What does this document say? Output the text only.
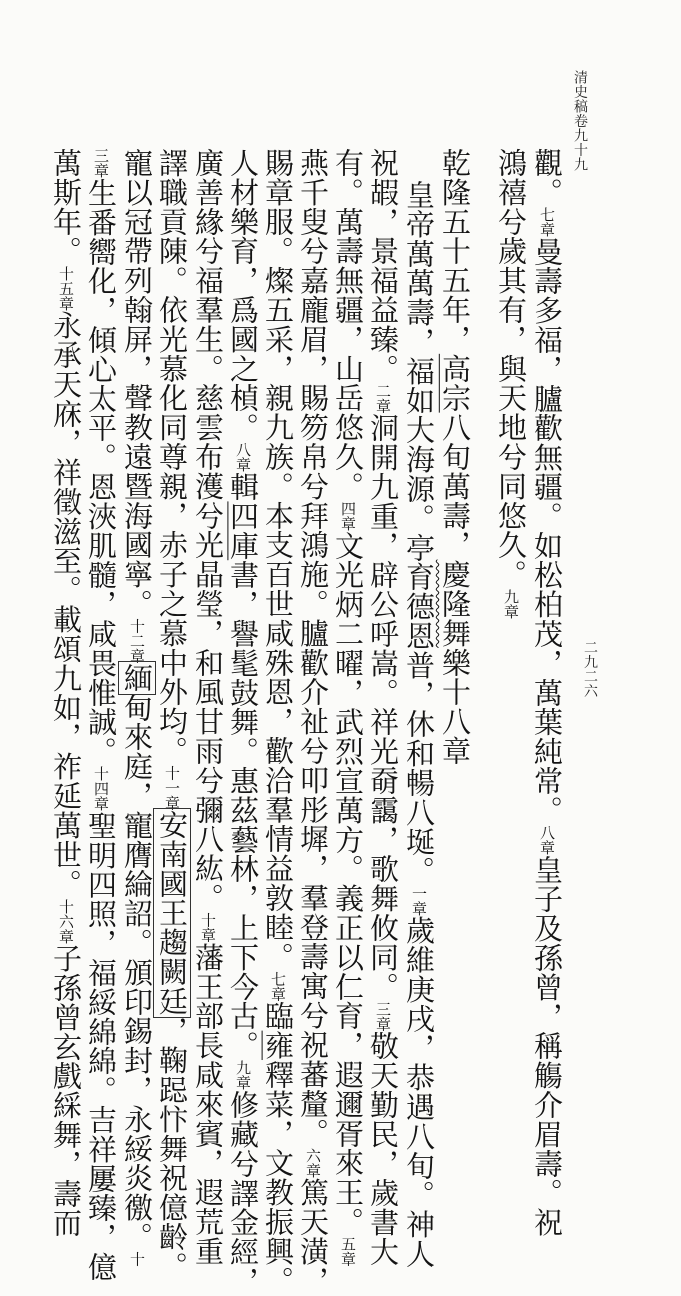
清史稿卷九十九
二九二六
觀。七章曼壽多福，臚歡無疆。如松柏茂，萬葉純常。八章皇子及孫曾，稱觴介眉壽。祝
鴻禧兮歲其有，與天地兮同悠久。九章
乾隆五十五年，高宗八旬萬壽，慶隆舞樂十八章
皇帝萬萬壽，福如大海源。亭育德恩普，休和暢八埏。一章歲維庚戌，恭遇八旬。神人
祝嘏，景福益臻。二章洞開九重，辟公呼嵩。祥光奣靄，歌舞攸同。三章敬天勤民，歲書大
有。萬壽無疆，山岳悠久。四章文光炳二曜，武烈宣萬方。義正以仁育，遐邇胥來王。五章
燕千叟兮嘉龐眉，賜笏帛兮拜鴻施。臚歡介祉兮叩彤墀，羣登壽寓兮祝蕃釐。六章篤天潢，
賜章服。燦五采，親九族。本支百世咸殊恩，歡洽羣情益敦睦。七章臨雍釋菜，文教振興。
人材樂育，爲國之楨。八章輯四庫書，譽髦鼓舞。惠茲藝林，上下今古。九章修藏兮譯金經，
廣善緣兮福羣生。慈雲布濩兮光晶瑩，和風甘雨兮彌八紘。十章藩王部長咸來賓，遐荒重
譯職貢陳。依光慕化同尊親，赤子之慕中外均。十一章安南國王趨闕廷，鞠跽忭舞祝億齡。
寵以冠帶列翰屏，聲教遠暨海國寧。十二章緬甸來庭，寵膺綸詔。頒印錫封，永綏炎徼。十
三章生番嚮化，傾心太平。恩浹肌髓，咸畏惟誠。十四章聖明四照，福綏綿綿。吉祥屢臻，億
萬斯年。十五章永承天庥，祥徵滋至。載頌九如，祚延萬世。十六章子孫曾玄戲綵舞，壽而
